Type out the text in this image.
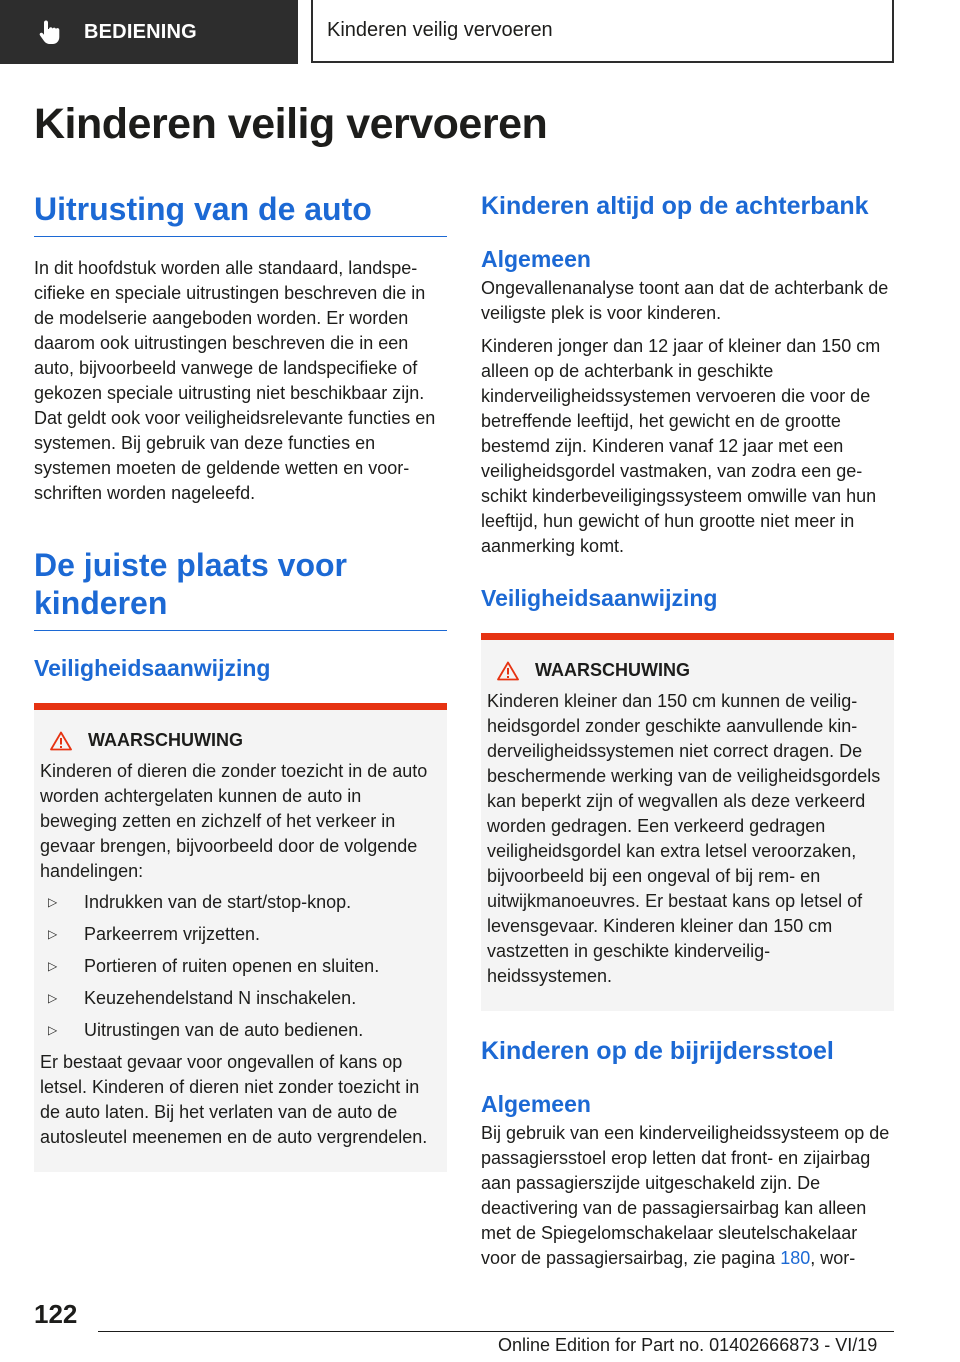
BEDIENING	Kinderen veilig vervoeren
Kinderen veilig vervoeren
Uitrusting van de auto

In dit hoofdstuk worden alle standaard, landspecifieke en speciale uitrustingen beschreven die in de modelserie aangeboden worden. Er worden daarom ook uitrustingen beschreven die in een auto, bijvoorbeeld vanwege de landspecifieke of gekozen speciale uitrusting niet beschikbaar zijn. Dat geldt ook voor veiligheidsrelevante functies en systemen. Bij gebruik van deze functies en systemen moeten de geldende wetten en voorschriften worden nageleefd.

De juiste plaats voor kinderen
Veiligheidsaanwijzing
WAARSCHUWING

Kinderen of dieren die zonder toezicht in de auto worden achtergelaten kunnen de auto in beweging zetten en zichzelf of het verkeer in gevaar brengen, bijvoorbeeld door de volgende handelingen:

▷	Indrukken van de start/stop-knop.
▷	Parkeerrem vrijzetten.
▷	Portieren of ruiten openen en sluiten.
▷	Keuzehendelstand N inschakelen.
▷	Uitrustingen van de auto bedienen.

Er bestaat gevaar voor ongevallen of kans op letsel. Kinderen of dieren niet zonder toezicht in de auto laten. Bij het verlaten van de auto de autosleutel meenemen en de auto vergrendelen.

Kinderen altijd op de achterbank
Algemeen

Ongevallenanalyse toont aan dat de achterbank de veiligste plek is voor kinderen.

Kinderen jonger dan 12 jaar of kleiner dan 150 cm alleen op de achterbank in geschikte kinderveiligheidssystemen vervoeren die voor de betreffende leeftijd, het gewicht en de grootte bestemd zijn. Kinderen vanaf 12 jaar met een veiligheidsgordel vastmaken, van zodra een geschikt kinderbeveiligingssysteem omwille van hun leeftijd, hun gewicht of hun grootte niet meer in aanmerking komt.

Veiligheidsaanwijzing
WAARSCHUWING

Kinderen kleiner dan 150 cm kunnen de veiligheidsgordel zonder geschikte aanvullende kinderveiligheidssystemen niet correct dragen. De beschermende werking van de veiligheidsgordels kan beperkt zijn of wegvallen als deze verkeerd worden gedragen. Een verkeerd gedragen veiligheidsgordel kan extra letsel veroorzaken, bijvoorbeeld bij een ongeval of bij rem- en uitwijkmanoeuvres. Er bestaat kans op letsel of levensgevaar. Kinderen kleiner dan 150 cm vastzetten in geschikte kinderveiligheidssystemen.

Kinderen op de bijrijdersstoel
Algemeen

Bij gebruik van een kinderveiligheidssysteem op de passagiersstoel erop letten dat front- en zijairbag aan passagierszijde uitgeschakeld zijn. De deactivering van de passagiersairbag kan alleen met de Spiegelomschakelaar sleutelschakelaar voor de passagiersairbag, zie pagina 180, wor-

122
Online Edition for Part no. 01402666873 - VI/19
